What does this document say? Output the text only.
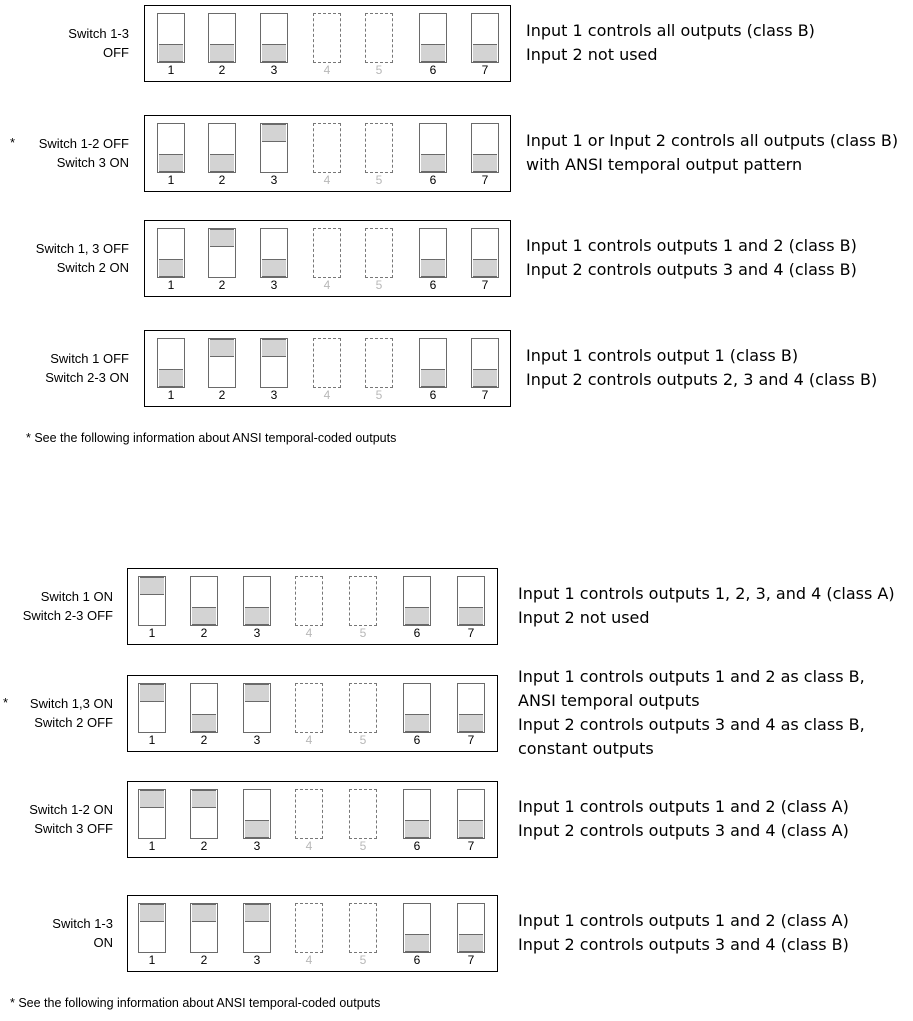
Switch 1-3
OFF
1	2	3	4	5	6	7
Input 1 controls all outputs (class B)
Input 2 not used
Switch 1-2 OFF
Switch 3 ON
*
1	2	3	4	5	6	7
Input 1 or Input 2 controls all outputs (class B)
with ANSI temporal output pattern
Switch 1, 3 OFF
Switch 2 ON
1	2	3	4	5	6	7
Input 1 controls outputs 1 and 2 (class B)
Input 2 controls outputs 3 and 4 (class B)
Switch 1 OFF
Switch 2-3 ON
1	2	3	4	5	6	7
Input 1 controls output 1 (class B)
Input 2 controls outputs 2, 3 and 4 (class B)
* See the following information about ANSI temporal-coded outputs
Switch 1 ON
Switch 2-3 OFF
1	2	3	4	5	6	7
Input 1 controls outputs 1, 2, 3, and 4 (class A)
Input 2 not used
Switch 1,3 ON
Switch 2 OFF
*
1	2	3	4	5	6	7
Input 1 controls outputs 1 and 2 as class B,
ANSI temporal outputs
Input 2 controls outputs 3 and 4 as class B,
constant outputs
Switch 1-2 ON
Switch 3 OFF
1	2	3	4	5	6	7
Input 1 controls outputs 1 and 2 (class A)
Input 2 controls outputs 3 and 4 (class A)
Switch 1-3
ON
1	2	3	4	5	6	7
Input 1 controls outputs 1 and 2 (class A)
Input 2 controls outputs 3 and 4 (class B)
* See the following information about ANSI temporal-coded outputs
